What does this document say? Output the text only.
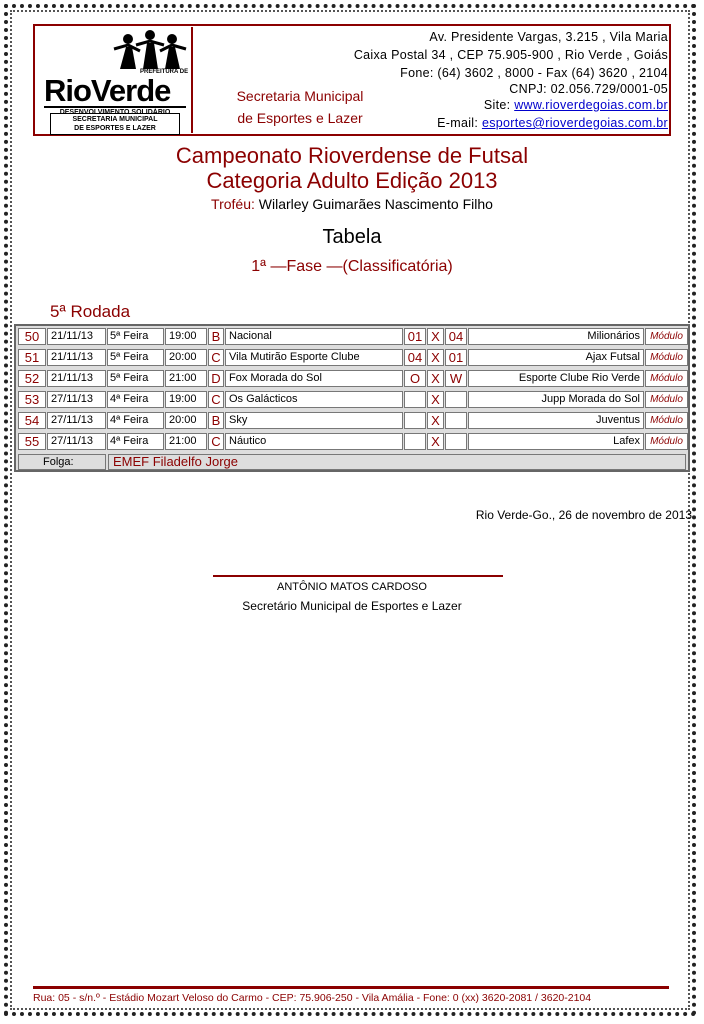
PREFEITURA DE
RioVerde
DESENVOLVIMENTO SOLIDÁRIO
SECRETARIA MUNICIPAL
DE ESPORTES E LAZER
Secretaria Municipal
de Esportes e Lazer
Av. Presidente Vargas, 3.215 , Vila Maria
Caixa Postal 34 , CEP 75.905-900 , Rio Verde , Goiás
Fone: (64) 3602 , 8000 - Fax (64) 3620 , 2104
CNPJ: 02.056.729/0001-05
Site: www.rioverdegoias.com.br
E-mail: esportes@rioverdegoias.com.br
Campeonato Rioverdense de Futsal
Categoria Adulto Edição 2013
Troféu: Wilarley Guimarães Nascimento Filho
Tabela
1ª —Fase —(Classificatória)
5ª Rodada
50	21/11/13	5ª Feira	19:00	B Nacional	01 X 04	Milionários	Módulo
51	21/11/13	5ª Feira	20:00	C Vila Mutirão Esporte Clube	04 X 01	Ajax Futsal	Módulo
52	21/11/13	5ª Feira	21:00	D Fox Morada do Sol	O X W	Esporte Clube Rio Verde	Módulo
53	27/11/13	4ª Feira	19:00	C Os Galácticos	X	Jupp Morada do Sol	Módulo
54	27/11/13	4ª Feira	20:00	B Sky	X	Juventus	Módulo
55	27/11/13	4ª Feira	21:00	C Náutico	X	Lafex	Módulo
Folga:	EMEF Filadelfo Jorge
Rio Verde-Go., 26 de novembro de 2013
ANTÔNIO MATOS CARDOSO
Secretário Municipal de Esportes e Lazer
Rua: 05 - s/n.º - Estádio Mozart Veloso do Carmo - CEP: 75.906-250 - Vila Amália - Fone: 0 (xx) 3620-2081 / 3620-2104
